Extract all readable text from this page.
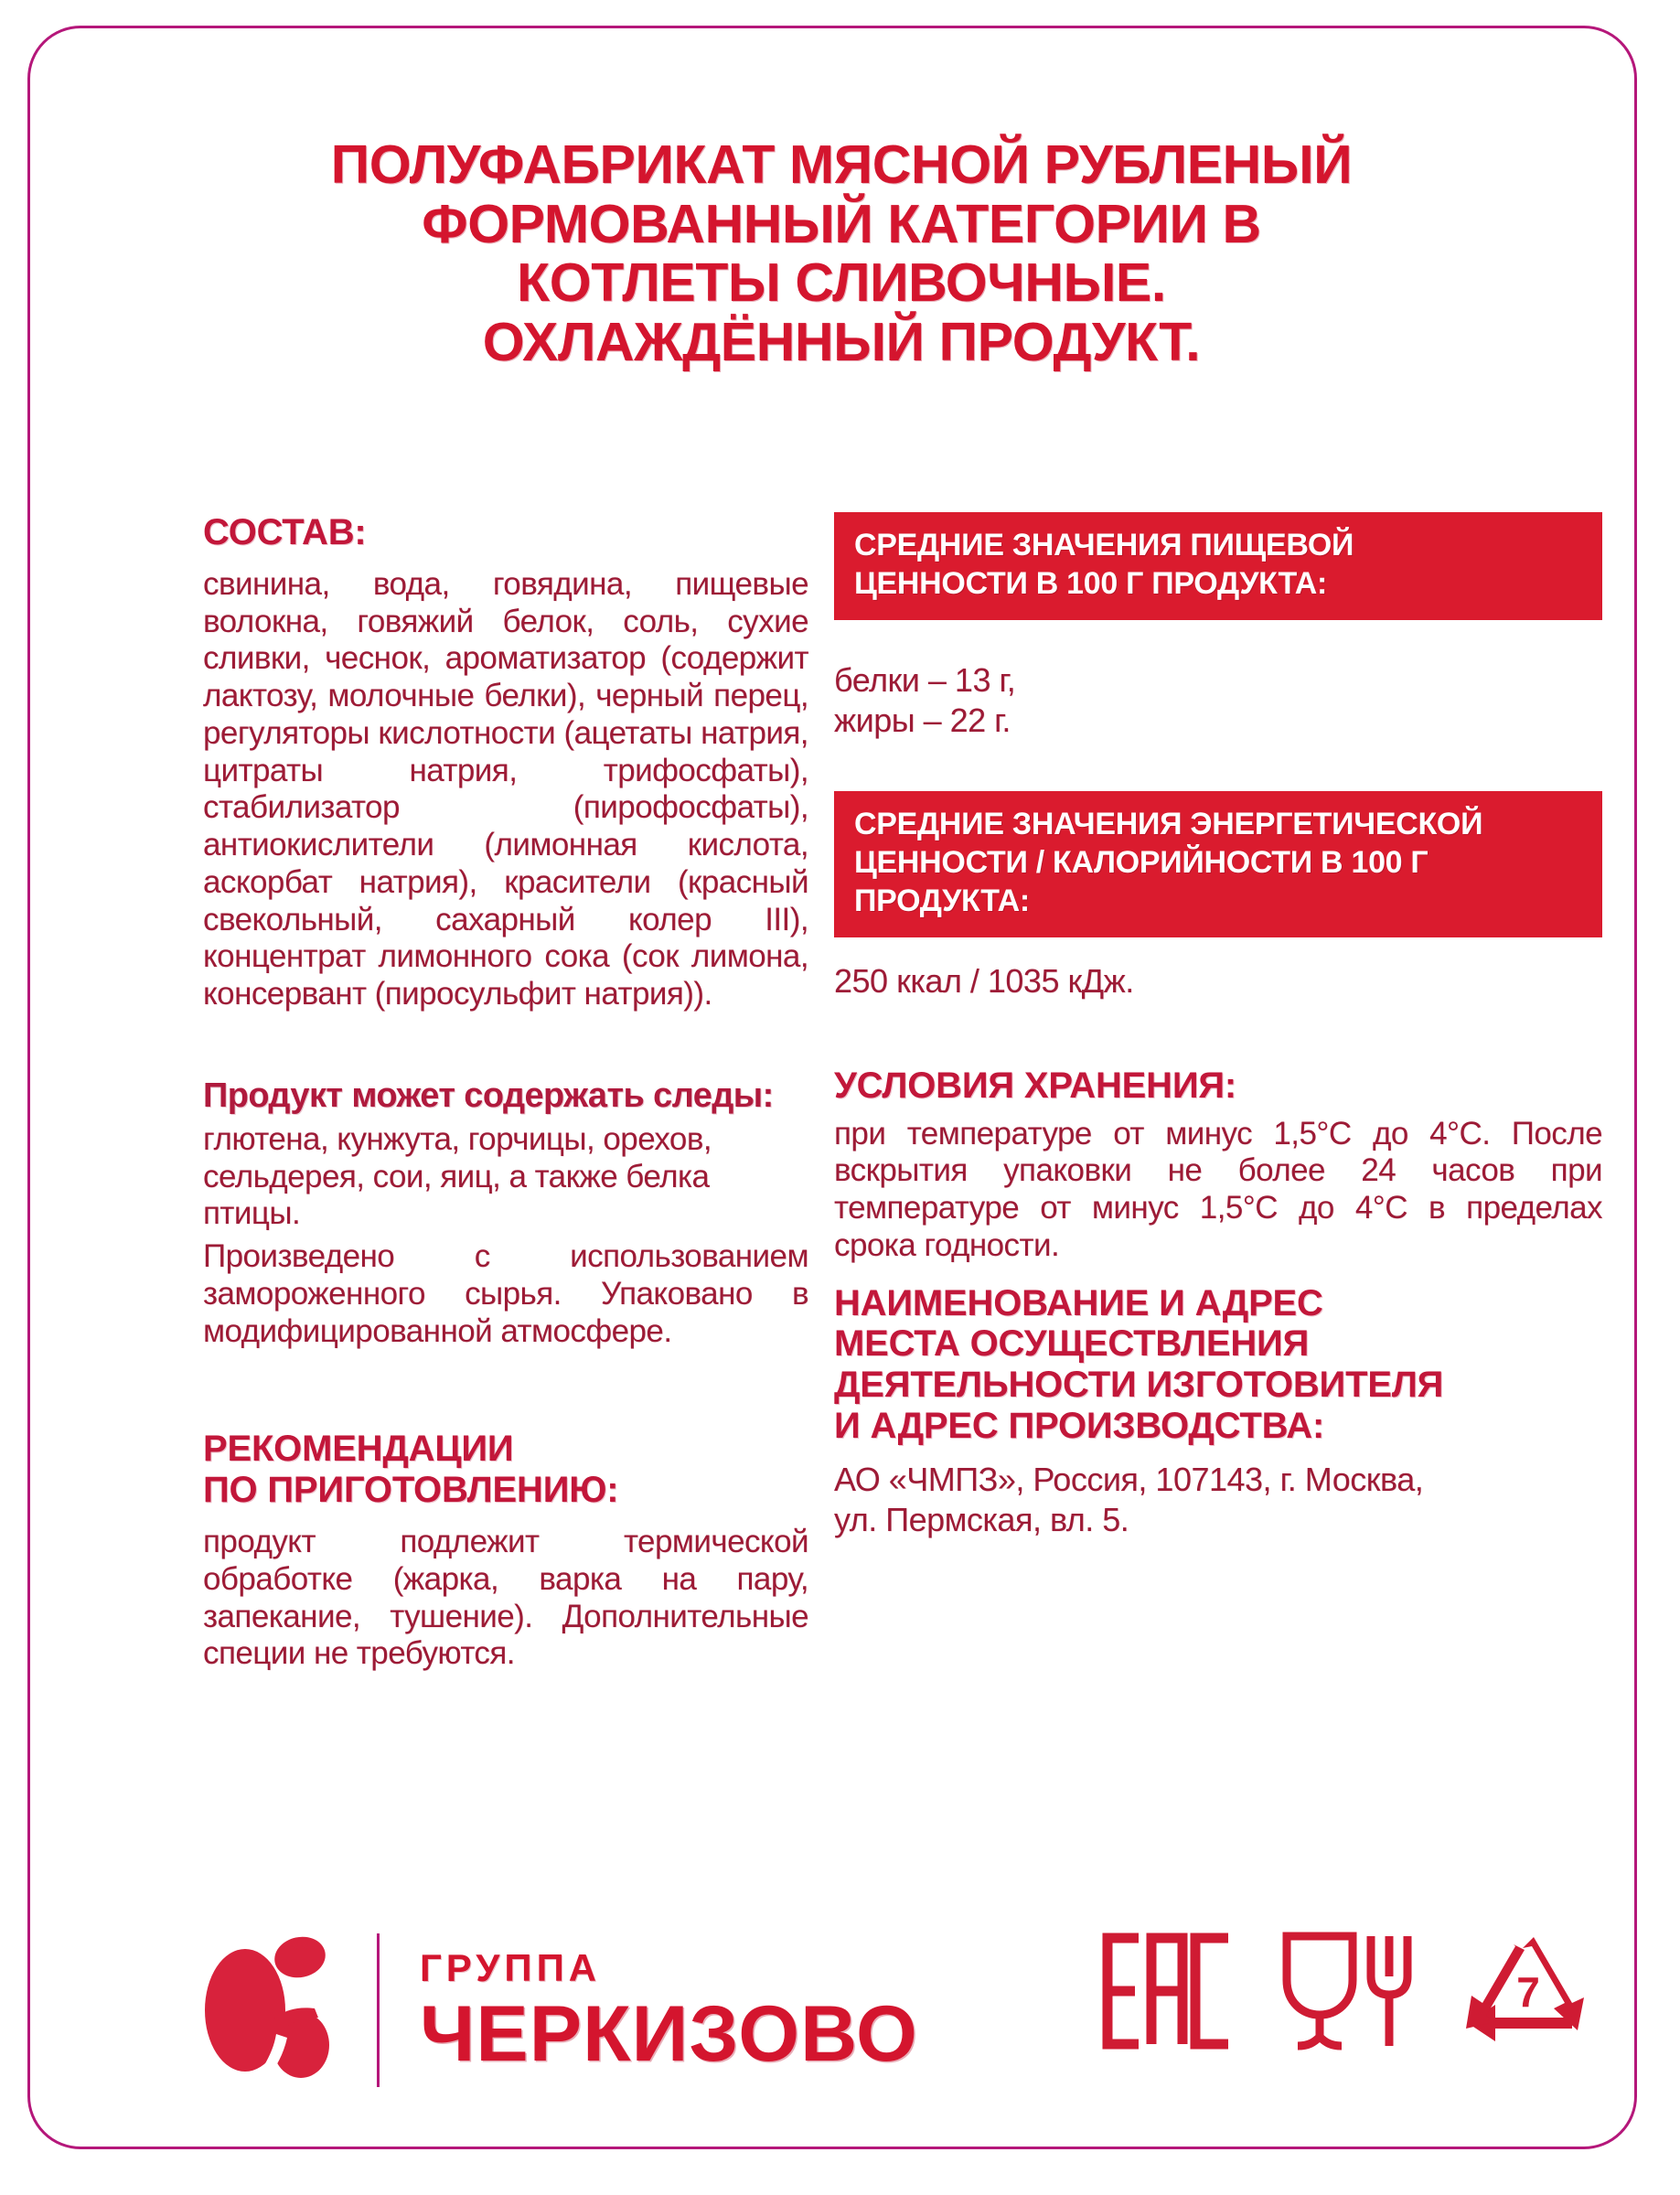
ПОЛУФАБРИКАТ МЯСНОЙ РУБЛЕНЫЙ
ФОРМОВАННЫЙ КАТЕГОРИИ В
КОТЛЕТЫ СЛИВОЧНЫЕ.
ОХЛАЖДЁННЫЙ ПРОДУКТ.
СОСТАВ:
свинина, вода, говядина, пищевые волокна, говяжий белок, соль, сухие сливки, чеснок, ароматизатор (содержит лактозу, молочные белки), черный перец, регуляторы кислотности (ацетаты натрия, цитраты натрия, трифосфаты), стабилизатор (пирофосфаты), антиокислители (лимонная кислота, аскорбат натрия), красители (красный свекольный, сахарный колер III), концентрат лимонного сока (сок лимона, консервант (пиросульфит натрия)).
Продукт может содержать следы:
глютена, кунжута, горчицы, орехов, сельдерея, сои, яиц, а также белка птицы.
Произведено с использованием замороженного сырья. Упаковано в модифицированной атмосфере.
РЕКОМЕНДАЦИИ
ПО ПРИГОТОВЛЕНИЮ:
продукт подлежит термической обработке (жарка, варка на пару, запекание, тушение). Дополнительные специи не требуются.
СРЕДНИЕ ЗНАЧЕНИЯ ПИЩЕВОЙ
ЦЕННОСТИ В 100 Г ПРОДУКТА:
белки – 13 г,
жиры – 22 г.
СРЕДНИЕ ЗНАЧЕНИЯ ЭНЕРГЕТИЧЕСКОЙ
ЦЕННОСТИ / КАЛОРИЙНОСТИ В 100 Г
ПРОДУКТА:
250 ккал / 1035 кДж.
УСЛОВИЯ ХРАНЕНИЯ:
при температуре от минус 1,5°С до 4°С. После вскрытия упаковки не более 24 часов при температуре от минус 1,5°С до 4°С в пределах срока годности.
НАИМЕНОВАНИЕ И АДРЕС
МЕСТА ОСУЩЕСТВЛЕНИЯ
ДЕЯТЕЛЬНОСТИ ИЗГОТОВИТЕЛЯ
И АДРЕС ПРОИЗВОДСТВА:
АО «ЧМПЗ», Россия, 107143, г. Москва,
ул. Пермская, вл. 5.
ГРУППА
ЧЕРКИЗОВО	7
